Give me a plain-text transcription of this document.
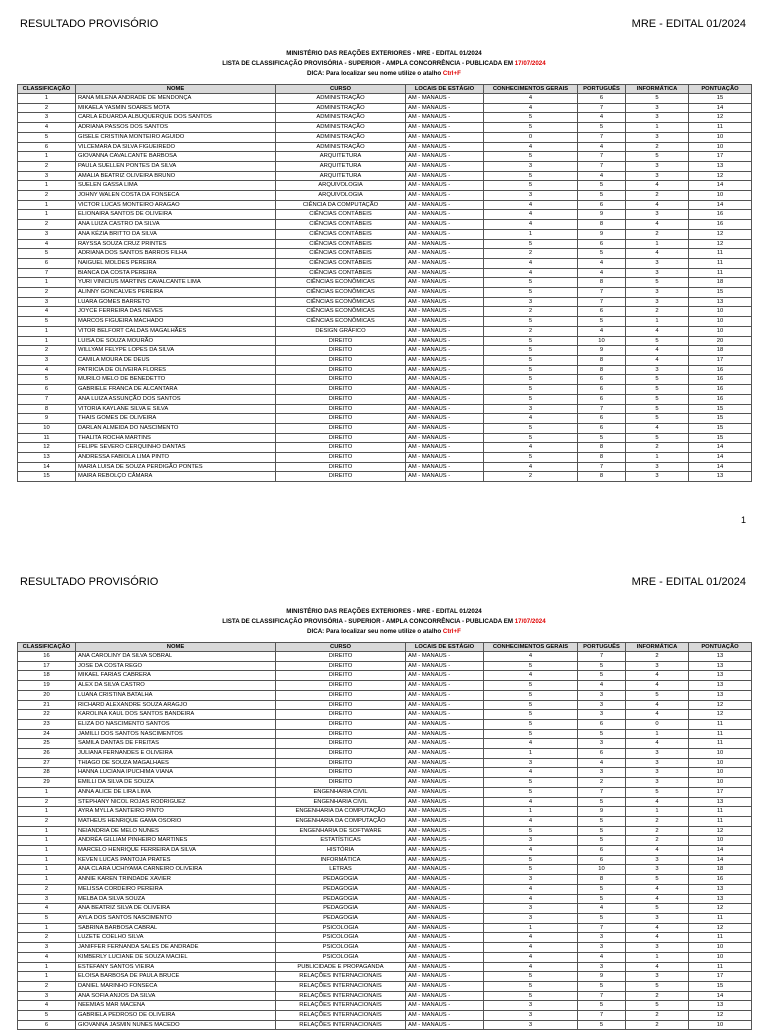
RESULTADO PROVISÓRIO	MRE - EDITAL 01/2024
MINISTÉRIO DAS REAÇÕES EXTERIORES - MRE - EDITAL 01/2024
LISTA DE CLASSIFICAÇÃO PROVISÓRIA - SUPERIOR - AMPLA CONCORRÊNCIA - PUBLICADA EM 17/07/2024
DICA: Para localizar seu nome utilize o atalho Ctrl+F
CLASSIFICAÇÃO	NOME	CURSO	LOCAIS DE ESTÁGIO	CONHECIMENTOS GERAIS	PORTUGUÊS	INFORMÁTICA	PONTUAÇÃO
1	RANA MILENA ANDRADE DE MENDONÇA	ADMINISTRAÇÃO	AM - MANAUS -	4	6	5	15
2	MIKAELA YASMIN SOARES MOTA	ADMINISTRAÇÃO	AM - MANAUS -	4	7	3	14
3	CARLA EDUARDA ALBUQUERQUE DOS SANTOS	ADMINISTRAÇÃO	AM - MANAUS -	5	4	3	12
4	ADRIANA PASSOS DOS SANTOS	ADMINISTRAÇÃO	AM - MANAUS -	5	5	1	11
5	GISELE CRISTINA MONTEIRO AGUIDO	ADMINISTRAÇÃO	AM - MANAUS -	0	7	3	10
6	VILCEMARA DA SILVA FIGUEIREDO	ADMINISTRAÇÃO	AM - MANAUS -	4	4	2	10
1	GIOVANNA CAVALCANTE BARBOSA	ARQUITETURA	AM - MANAUS -	5	7	5	17
2	PAULA SUELLEN PONTES DA SILVA	ARQUITETURA	AM - MANAUS -	3	7	3	13
3	AMALIA BEATRIZ OLIVEIRA BRUNO	ARQUITETURA	AM - MANAUS -	5	4	3	12
1	SUELEN GASSA LIMA	ARQUIVOLOGIA	AM - MANAUS -	5	5	4	14
2	JOHNY WALEN COSTA DA FONSECA	ARQUIVOLOGIA	AM - MANAUS -	3	5	2	10
1	VICTOR LUCAS MONTEIRO ARAGAO	CIÊNCIA DA COMPUTAÇÃO	AM - MANAUS -	4	6	4	14
1	ELIONAIRA SANTOS DE OLIVEIRA	CIÊNCIAS CONTÁBEIS	AM - MANAUS -	4	9	3	16
2	ANA LUIZA CASTRO DA SILVA	CIÊNCIAS CONTÁBEIS	AM - MANAUS -	4	8	4	16
3	ANA KÉZIA BRITTO DA SILVA	CIÊNCIAS CONTÁBEIS	AM - MANAUS -	1	9	2	12
4	RAYSSA SOUZA CRUZ PRINTES	CIÊNCIAS CONTÁBEIS	AM - MANAUS -	5	6	1	12
5	ADRIANA DOS SANTOS BARROS FILHA	CIÊNCIAS CONTÁBEIS	AM - MANAUS -	2	5	4	11
6	NAIGUEL MOLDES PEREIRA	CIÊNCIAS CONTÁBEIS	AM - MANAUS -	4	4	3	11
7	BIANCA DA COSTA PEREIRA	CIÊNCIAS CONTÁBEIS	AM - MANAUS -	4	4	3	11
1	YURI VINICIUS MARTINS CAVALCANTE LIMA	CIÊNCIAS ECONÔMICAS	AM - MANAUS -	5	8	5	18
2	ALINNY GONCALVES PEREIRA	CIÊNCIAS ECONÔMICAS	AM - MANAUS -	5	7	3	15
3	LUARA GOMES BARRETO	CIÊNCIAS ECONÔMICAS	AM - MANAUS -	3	7	3	13
4	JOYCE FERREIRA DAS NEVES	CIÊNCIAS ECONÔMICAS	AM - MANAUS -	2	6	2	10
5	MARCOS FIGUEIRA MACHADO	CIÊNCIAS ECONÔMICAS	AM - MANAUS -	5	5	1	10
1	VITOR BELFORT CALDAS MAGALHÃES	DESIGN GRÁFICO	AM - MANAUS -	2	4	4	10
1	LUISA DE SOUZA MOURÃO	DIREITO	AM - MANAUS -	5	10	5	20
2	WILLYAM FELYPE LOPES DA SILVA	DIREITO	AM - MANAUS -	5	9	4	18
3	CAMILA MOURA DE DEUS	DIREITO	AM - MANAUS -	5	8	4	17
4	PATRICIA DE OLIVEIRA FLORES	DIREITO	AM - MANAUS -	5	8	3	16
5	MURILO MELO DE BENEDETTO	DIREITO	AM - MANAUS -	5	6	5	16
6	GABRIELE FRANCA DE ALCANTARA	DIREITO	AM - MANAUS -	5	6	5	16
7	ANA LUIZA ASSUNÇÃO DOS SANTOS	DIREITO	AM - MANAUS -	5	6	5	16
8	VITORIA KAYLANE SILVA E SILVA	DIREITO	AM - MANAUS -	3	7	5	15
9	THAIS GOMES DE OLIVEIRA	DIREITO	AM - MANAUS -	4	6	5	15
10	DARLAN ALMEIDA DO NASCIMENTO	DIREITO	AM - MANAUS -	5	6	4	15
11	THALITA ROCHA MARTINS	DIREITO	AM - MANAUS -	5	5	5	15
12	FELIPE SEVERO CERQUINHO DANTAS	DIREITO	AM - MANAUS -	4	8	2	14
13	ANDRESSA FABIOLA LIMA PINTO	DIREITO	AM - MANAUS -	5	8	1	14
14	MARIA LUISA DE SOUZA PERDIGÃO PONTES	DIREITO	AM - MANAUS -	4	7	3	14
15	MAIRA REBOLÇO CÂMARA	DIREITO	AM - MANAUS -	2	8	3	13
1
RESULTADO PROVISÓRIO	MRE - EDITAL 01/2024
MINISTÉRIO DAS REAÇÕES EXTERIORES - MRE - EDITAL 01/2024
LISTA DE CLASSIFICAÇÃO PROVISÓRIA - SUPERIOR - AMPLA CONCORRÊNCIA - PUBLICADA EM 17/07/2024
DICA: Para localizar seu nome utilize o atalho Ctrl+F
CLASSIFICAÇÃO	NOME	CURSO	LOCAIS DE ESTÁGIO	CONHECIMENTOS GERAIS	PORTUGUÊS	INFORMÁTICA	PONTUAÇÃO
16	ANA CAROLINY DA SILVA SOBRAL	DIREITO	AM - MANAUS -	4	7	2	13
17	JOSE DA COSTA REGO	DIREITO	AM - MANAUS -	5	5	3	13
18	MIKAEL FARIAS CABRERA	DIREITO	AM - MANAUS -	4	5	4	13
19	ALEX DA SILVA CASTRO	DIREITO	AM - MANAUS -	5	4	4	13
20	LUANA CRISTINA BATALHA	DIREITO	AM - MANAUS -	5	3	5	13
21	RICHARD ALEXANDRE SOUZA ARAGJO	DIREITO	AM - MANAUS -	5	3	4	12
22	KAROLINA KAUL DOS SANTOS BANDEIRA	DIREITO	AM - MANAUS -	5	3	4	12
23	ELIZA DO NASCIMENTO SANTOS	DIREITO	AM - MANAUS -	5	6	0	11
24	JAMILLI DOS SANTOS NASCIMENTOS	DIREITO	AM - MANAUS -	5	5	1	11
25	SAMILA DANTAS DE FREITAS	DIREITO	AM - MANAUS -	4	3	4	11
26	JULIANA FERNANDES E OLIVEIRA	DIREITO	AM - MANAUS -	1	6	3	10
27	THIAGO DE SOUZA MAGALHAES	DIREITO	AM - MANAUS -	3	4	3	10
28	HANNA LUCIANA IPUCHIMA VIANA	DIREITO	AM - MANAUS -	4	3	3	10
29	EMILLI DA SILVA DE SOUZA	DIREITO	AM - MANAUS -	5	2	3	10
1	ANNA ALICE DE LIRA LIMA	ENGENHARIA CIVIL	AM - MANAUS -	5	7	5	17
2	STEPHANY NICOL ROJAS RODRIGUEZ	ENGENHARIA CIVIL	AM - MANAUS -	4	5	4	13
1	AYRA MYLLA SANTEIRO PINTO	ENGENHARIA DA COMPUTAÇÃO	AM - MANAUS -	1	9	1	11
2	MATHEUS HENRIQUE GAMA OSORIO	ENGENHARIA DA COMPUTAÇÃO	AM - MANAUS -	4	5	2	11
1	NEIANDRIA DE MELO NUNES	ENGENHARIA DE SOFTWARE	AM - MANAUS -	5	5	2	12
1	ANDRÉA GILLIAM PINHEIRO MARTINES	ESTATÍSTICAS	AM - MANAUS -	3	5	2	10
1	MARCELO HENRIQUE FERREIRA DA SILVA	HISTÓRIA	AM - MANAUS -	4	6	4	14
1	KEVEN LUCAS PANTOJA PRATES	INFORMÁTICA	AM - MANAUS -	5	6	3	14
1	ANA CLARA UCHIYAMA CARNEIRO OLIVEIRA	LETRAS	AM - MANAUS -	5	10	3	18
1	ANNIE KAREN TRINDADE XAVIER	PEDAGOGIA	AM - MANAUS -	3	8	5	16
2	MELISSA CORDEIRO PEREIRA	PEDAGOGIA	AM - MANAUS -	4	5	4	13
3	MELBA DA SILVA SOUZA	PEDAGOGIA	AM - MANAUS -	4	5	4	13
4	ANA BEATRIZ SILVA DE OLIVEIRA	PEDAGOGIA	AM - MANAUS -	3	4	5	12
5	AYLA DOS SANTOS NASCIMENTO	PEDAGOGIA	AM - MANAUS -	3	5	3	11
1	SABRINA BARBOSA CABRAL	PSICOLOGIA	AM - MANAUS -	1	7	4	12
2	LUZETE COELHO SILVA	PSICOLOGIA	AM - MANAUS -	4	3	4	11
3	JANIFFER FERNANDA SALES DE ANDRADE	PSICOLOGIA	AM - MANAUS -	4	3	3	10
4	KIMBERLY LUCIANE DE SOUZA MACIEL	PSICOLOGIA	AM - MANAUS -	4	4	1	10
1	ESTEFANY SANTOS VIEIRA	PUBLICIDADE E PROPAGANDA	AM - MANAUS -	4	3	4	11
1	ELOISA BARBOSA DE PAULA BRUCE	RELAÇÕES INTERNACIONAIS	AM - MANAUS -	5	9	3	17
2	DANIEL MARINHO FONSECA	RELAÇÕES INTERNACIONAIS	AM - MANAUS -	5	5	5	15
3	ANA SOFIA ANJOS DA SILVA	RELAÇÕES INTERNACIONAIS	AM - MANAUS -	5	7	2	14
4	NEEMIAS MAR MACENA	RELAÇÕES INTERNACIONAIS	AM - MANAUS -	3	5	5	13
5	GABRIELA PEDROSO DE OLIVEIRA	RELAÇÕES INTERNACIONAIS	AM - MANAUS -	3	7	2	12
6	GIOVANNA JASMIN NUNES MACEDO	RELAÇÕES INTERNACIONAIS	AM - MANAUS -	3	5	2	10
